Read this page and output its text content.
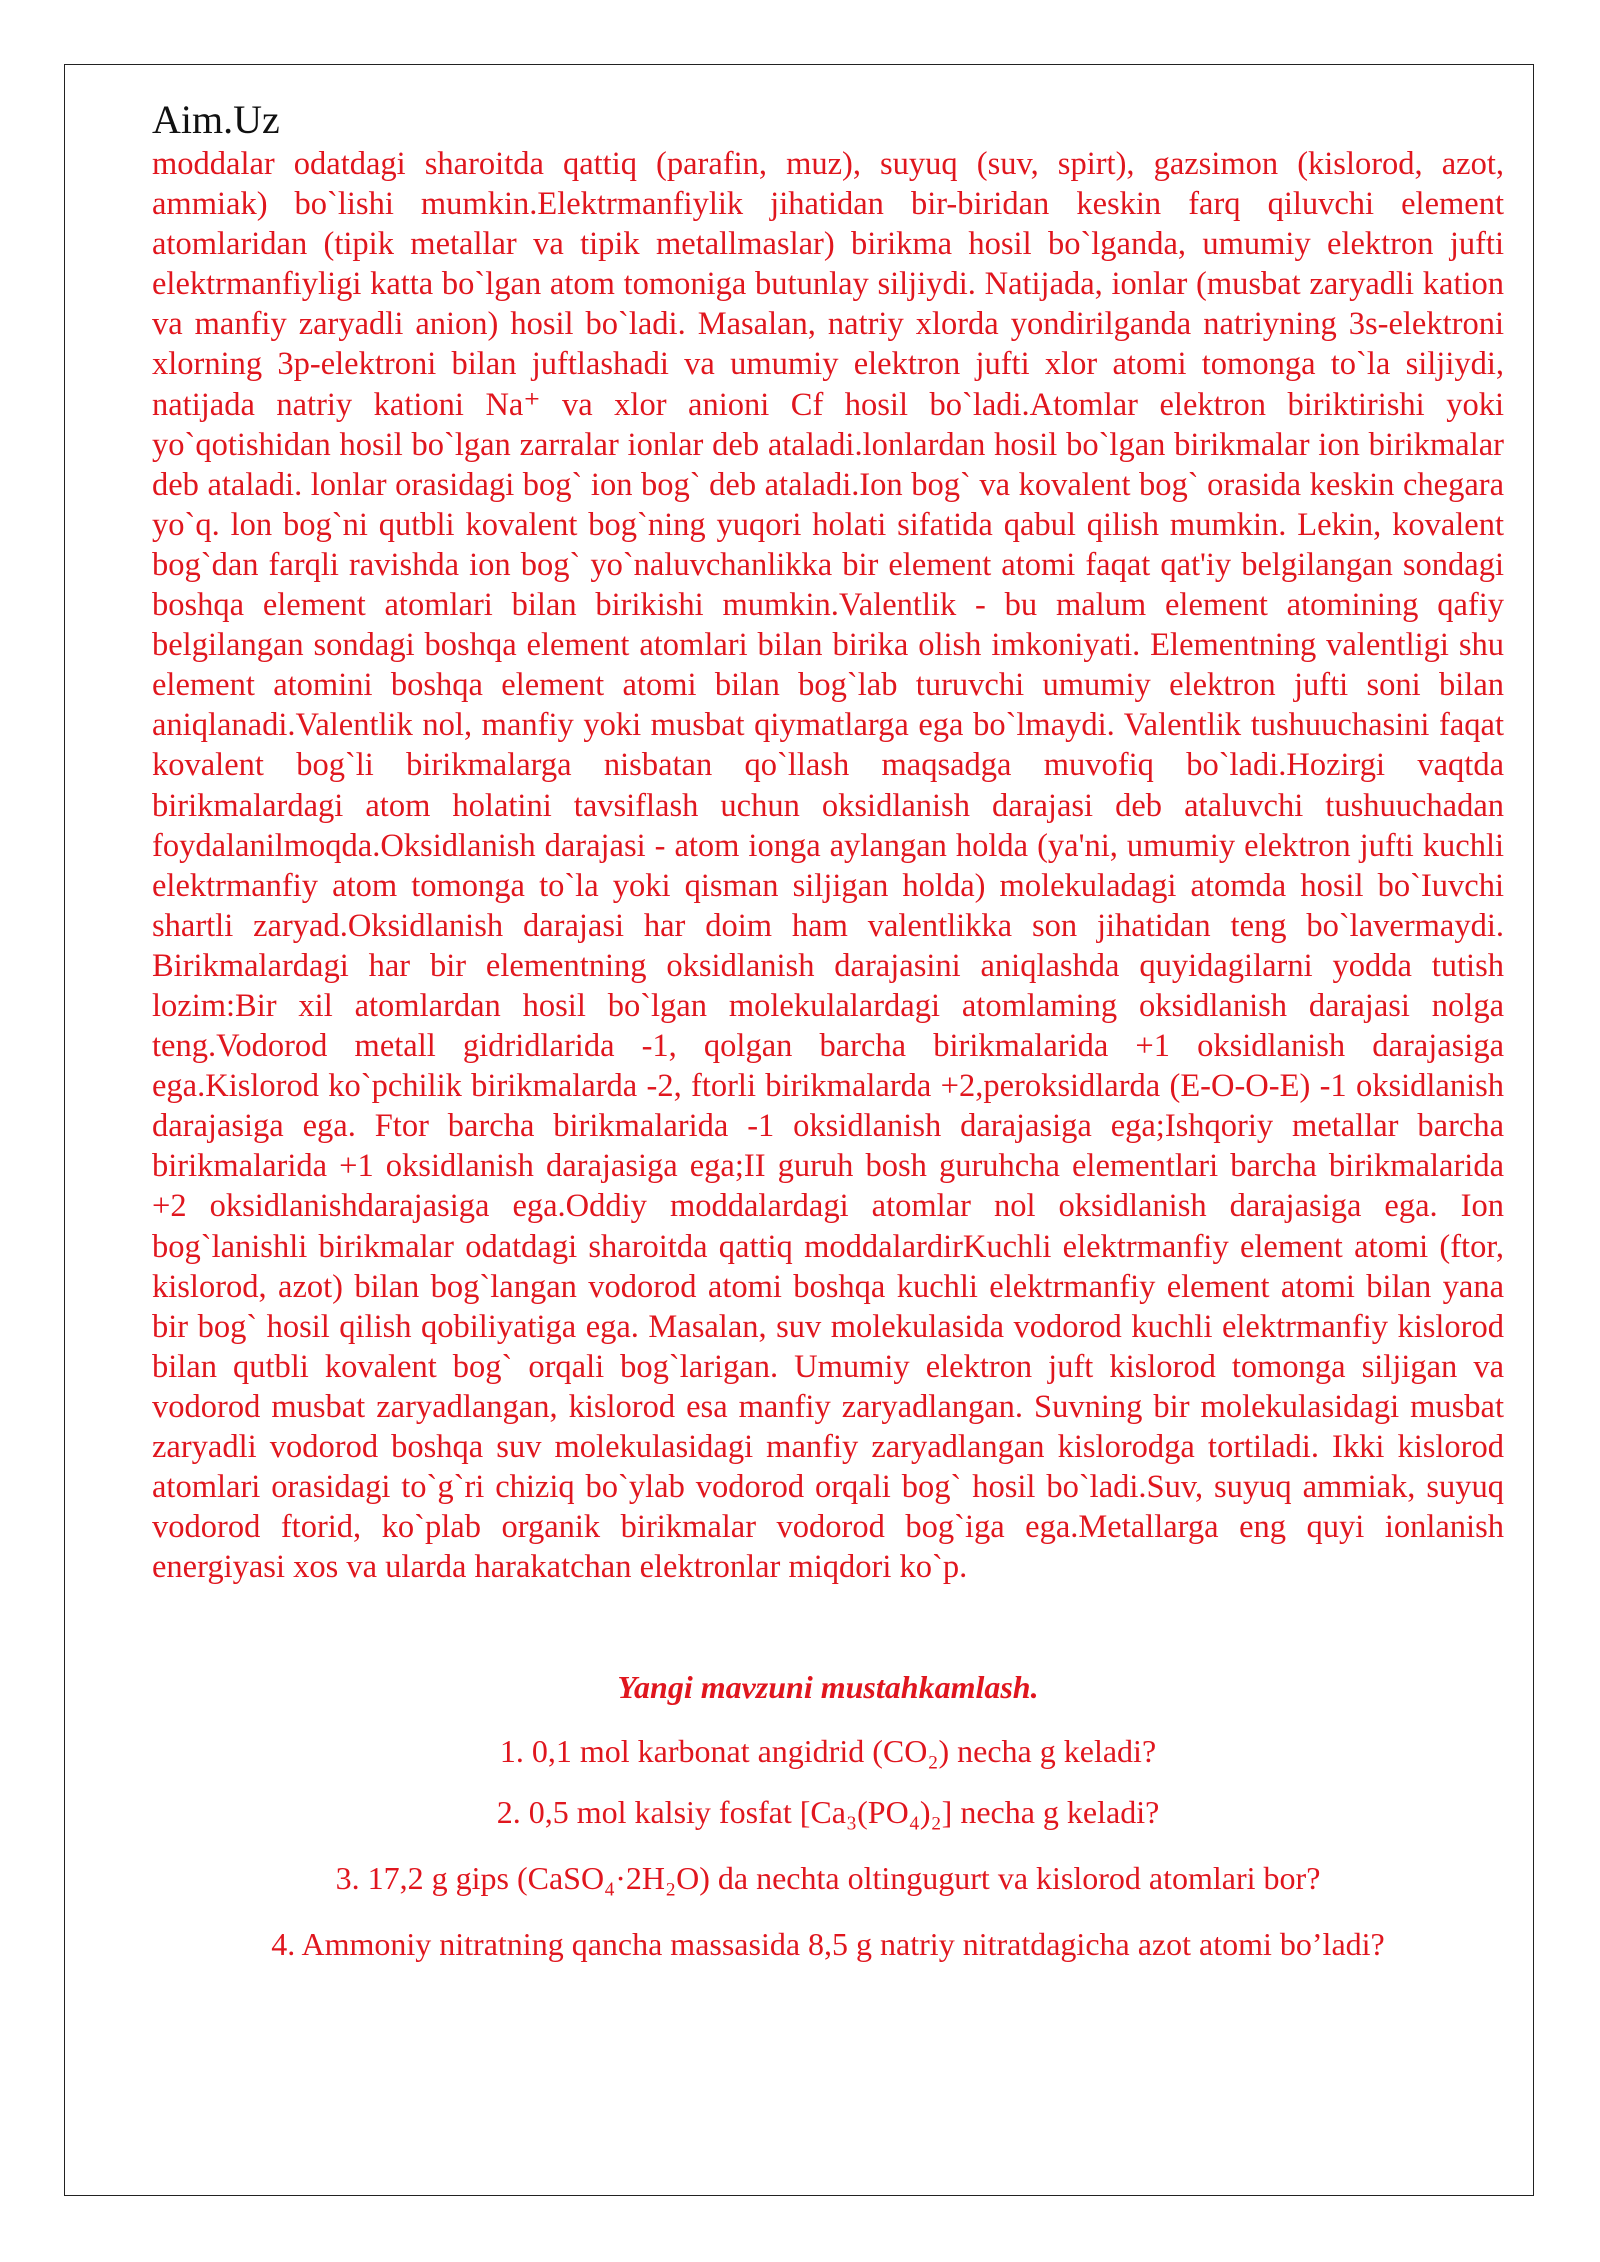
Aim.Uz

moddalar odatdagi sharoitda qattiq (parafin, muz), suyuq (suv, spirt), gazsimon (kislorod, azot, ammiak) bo`lishi mumkin.Elektrmanfiylik jihatidan bir-biridan keskin farq qiluvchi element atomlaridan (tipik metallar va tipik metallmaslar) birikma hosil bo`lganda, umumiy elektron jufti elektrmanfiyligi katta bo`lgan atom tomoniga butunlay siljiydi. Natijada, ionlar (musbat zaryadli kation va manfiy zaryadli anion) hosil bo`ladi. Masalan, natriy xlorda yondirilganda natriyning 3s-elektroni xlorning 3p-elektroni bilan juftlashadi va umumiy elektron jufti xlor atomi tomonga to`la siljiydi, natijada natriy kationi Na⁺ va xlor anioni Cf hosil bo`ladi.Atomlar elektron biriktirishi yoki yo`qotishidan hosil bo`lgan zarralar ionlar deb ataladi.lonlardan hosil bo`lgan birikmalar ion birikmalar deb ataladi. lonlar orasidagi bog` ion bog` deb ataladi.Ion bog` va kovalent bog` orasida keskin chegara yo`q. lon bog`ni qutbli kovalent bog`ning yuqori holati sifatida qabul qilish mumkin. Lekin, kovalent bog`dan farqli ravishda ion bog` yo`naluvchanlikka bir element atomi faqat qat'iy belgilangan sondagi boshqa element atomlari bilan birikishi mumkin.Valentlik - bu malum element atomining qafiy belgilangan sondagi boshqa element atomlari bilan birika olish imkoniyati. Elementning valentligi shu element atomini boshqa element atomi bilan bog`lab turuvchi umumiy elektron jufti soni bilan aniqlanadi.Valentlik nol, manfiy yoki musbat qiymatlarga ega bo`lmaydi. Valentlik tushuuchasini faqat kovalent bog`li birikmalarga nisbatan qo`llash maqsadga muvofiq bo`ladi.Hozirgi vaqtda birikmalardagi atom holatini tavsiflash uchun oksidlanish darajasi deb ataluvchi tushuuchadan foydalanilmoqda.Oksidlanish darajasi - atom ionga aylangan holda (ya'ni, umumiy elektron jufti kuchli elektrmanfiy atom tomonga to`la yoki qisman siljigan holda) molekuladagi atomda hosil bo`Iuvchi shartli zaryad.Oksidlanish darajasi har doim ham valentlikka son jihatidan teng bo`lavermaydi. Birikmalardagi har bir elementning oksidlanish darajasini aniqlashda quyidagilarni yodda tutish lozim:Bir xil atomlardan hosil bo`lgan molekulalardagi atomlaming oksidlanish darajasi nolga teng.Vodorod metall gidridlarida -1, qolgan barcha birikmalarida +1 oksidlanish darajasiga ega.Kislorod ko`pchilik birikmalarda -2, ftorli birikmalarda +2,peroksidlarda (E-O-O-E) -1 oksidlanish darajasiga ega. Ftor barcha birikmalarida -1 oksidlanish darajasiga ega;Ishqoriy metallar barcha birikmalarida +1 oksidlanish darajasiga ega;II guruh bosh guruhcha elementlari barcha birikmalarida +2 oksidlanishdarajasiga ega.Oddiy moddalardagi atomlar nol oksidlanish darajasiga ega. Ion bog`lanishli birikmalar odatdagi sharoitda qattiq moddalardirKuchli elektrmanfiy element atomi (ftor, kislorod, azot) bilan bog`langan vodorod atomi boshqa kuchli elektrmanfiy element atomi bilan yana bir bog` hosil qilish qobiliyatiga ega. Masalan, suv molekulasida vodorod kuchli elektrmanfiy kislorod bilan qutbli kovalent bog` orqali bog`larigan. Umumiy elektron juft kislorod tomonga siljigan va vodorod musbat zaryadlangan, kislorod esa manfiy zaryadlangan. Suvning bir molekulasidagi musbat zaryadli vodorod boshqa suv molekulasidagi manfiy zaryadlangan kislorodga tortiladi. Ikki kislorod atomlari orasidagi to`g`ri chiziq bo`ylab vodorod orqali bog` hosil bo`ladi.Suv, suyuq ammiak, suyuq vodorod ftorid, ko`plab organik birikmalar vodorod bog`iga ega.Metallarga eng quyi ionlanish energiyasi xos va ularda harakatchan elektronlar miqdori ko`p.

Yangi mavzuni mustahkamlash.
1. 0,1 mol karbonat angidrid (CO₂) necha g keladi?
2. 0,5 mol kalsiy fosfat [Ca₃(PO₄)₂] necha g keladi?
3. 17,2 g gips (CaSO₄·2H₂O) da nechta oltingugurt va kislorod atomlari bor?
4. Ammoniy nitratning qancha massasida 8,5 g natriy nitratdagicha azot atomi bo’ladi?
